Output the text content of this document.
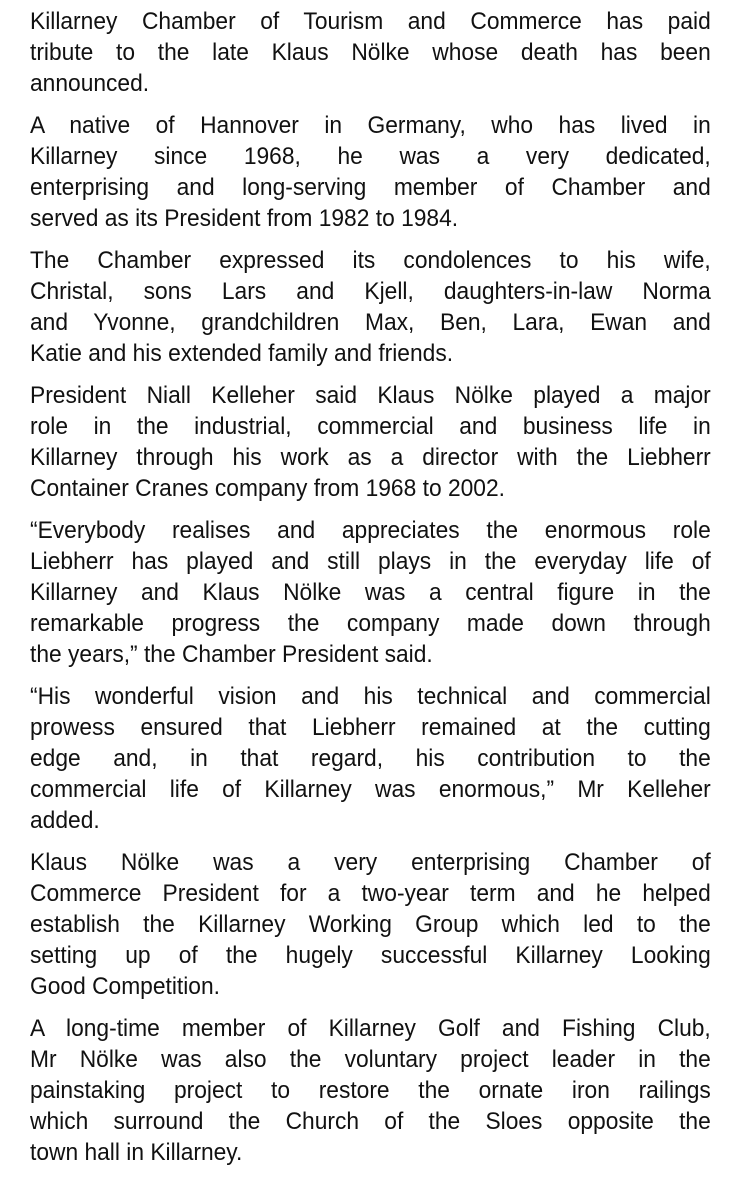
Killarney Chamber of Tourism and Commerce has paid
tribute to the late Klaus Nölke whose death has been
announced.

A native of Hannover in Germany, who has lived in
Killarney since 1968, he was a very dedicated,
enterprising and long-serving member of Chamber and
served as its President from 1982 to 1984.

The Chamber expressed its condolences to his wife,
Christal, sons Lars and Kjell, daughters-in-law Norma
and Yvonne, grandchildren Max, Ben, Lara, Ewan and
Katie and his extended family and friends.

President Niall Kelleher said Klaus Nölke played a major
role in the industrial, commercial and business life in
Killarney through his work as a director with the Liebherr
Container Cranes company from 1968 to 2002.

“Everybody realises and appreciates the enormous role
Liebherr has played and still plays in the everyday life of
Killarney and Klaus Nölke was a central figure in the
remarkable progress the company made down through
the years,” the Chamber President said.

“His wonderful vision and his technical and commercial
prowess ensured that Liebherr remained at the cutting
edge and, in that regard, his contribution to the
commercial life of Killarney was enormous,” Mr Kelleher
added.

Klaus Nölke was a very enterprising Chamber of
Commerce President for a two-year term and he helped
establish the Killarney Working Group which led to the
setting up of the hugely successful Killarney Looking
Good Competition.

A long-time member of Killarney Golf and Fishing Club,
Mr Nölke was also the voluntary project leader in the
painstaking project to restore the ornate iron railings
which surround the Church of the Sloes opposite the
town hall in Killarney.
